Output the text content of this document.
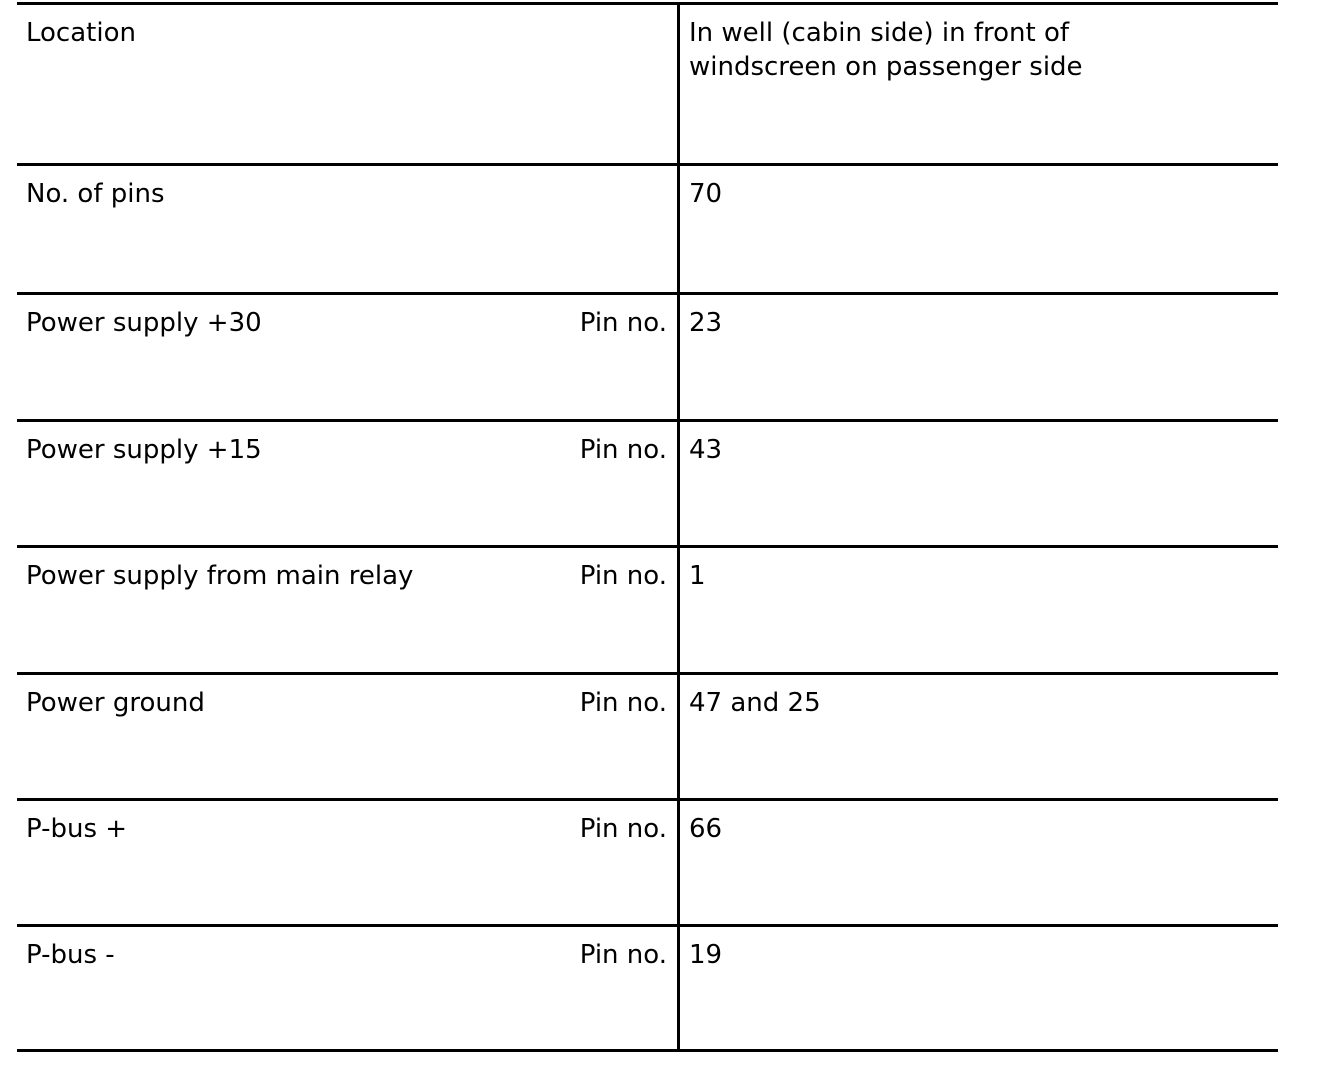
Location	In well (cabin side) in front of windscreen on passenger side
No. of pins	70
Power supply +30	Pin no. 23
Power supply +15	Pin no. 43
Power supply from main relay	Pin no. 1
Power ground	Pin no. 47 and 25
P-bus +	Pin no. 66
P-bus -	Pin no. 19
